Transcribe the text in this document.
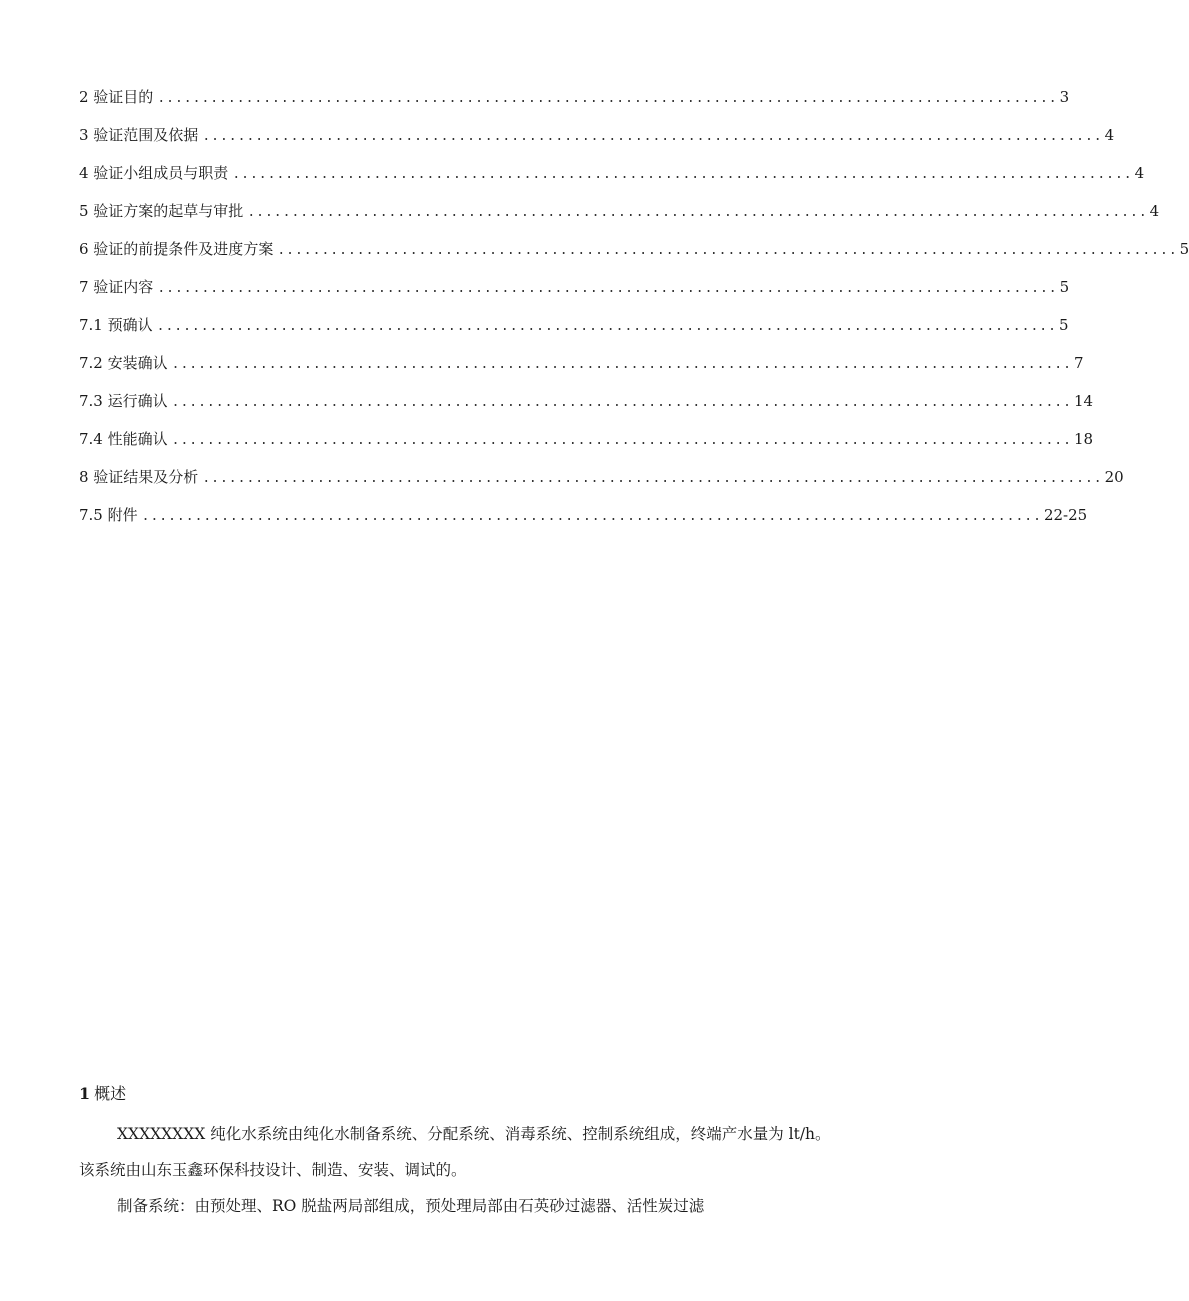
2 验证目的 ...................................................................................................... 3
3 验证范围及依据 ...................................................................................................... 4
4 验证小组成员与职责 ...................................................................................................... 4
5 验证方案的起草与审批 ...................................................................................................... 4
6 验证的前提条件及进度方案 ...................................................................................................... 5
7 验证内容 ...................................................................................................... 5
7.1 预确认 ...................................................................................................... 5
7.2 安装确认 ...................................................................................................... 7
7.3 运行确认 ...................................................................................................... 14
7.4 性能确认 ...................................................................................................... 18
8 验证结果及分析 ...................................................................................................... 20
7.5 附件 ...................................................................................................... 22-25
1 概述

XXXXXXXX 纯化水系统由纯化水制备系统、分配系统、消毒系统、控制系统组成，终端产水量为 lt/h。该系统由山东玉鑫环保科技设计、制造、安装、调试的。

制备系统：由预处理、RO 脱盐两局部组成，预处理局部由石英砂过滤器、活性炭过滤
